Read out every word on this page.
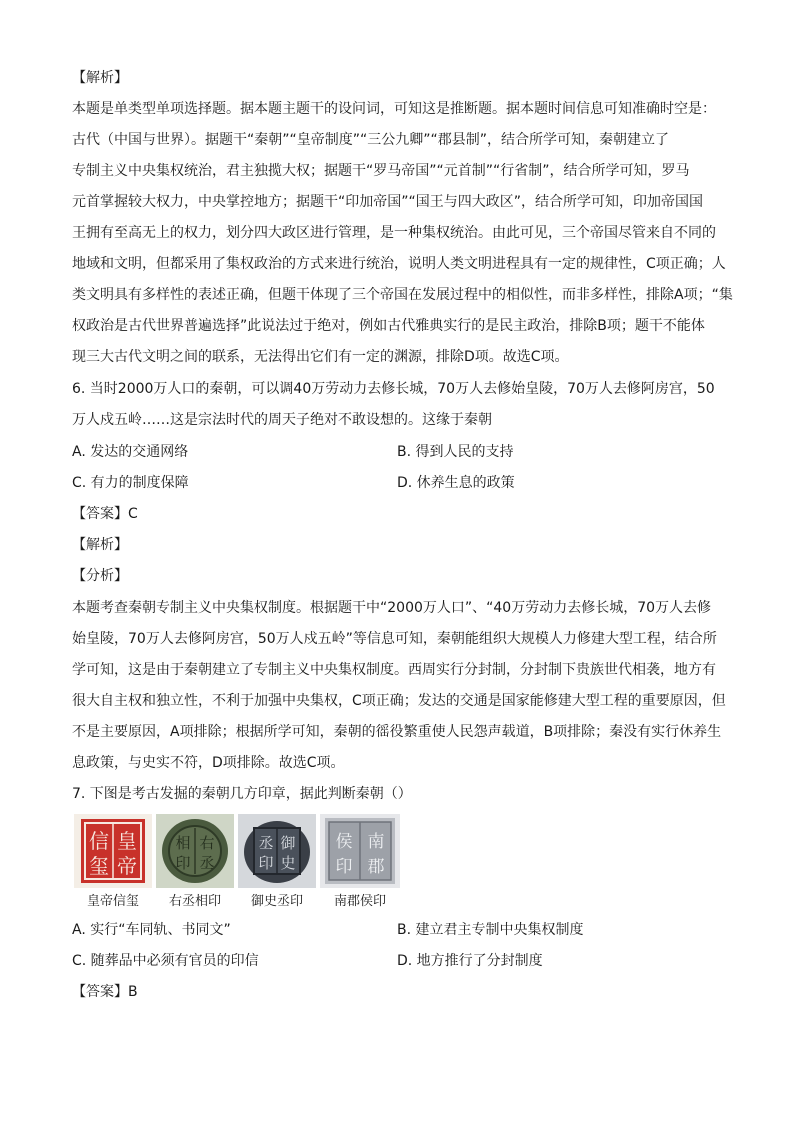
【解析】
本题是单类型单项选择题。据本题主题干的设问词，可知这是推断题。据本题时间信息可知准确时空是：
古代（中国与世界）。据题干“秦朝”“皇帝制度”“三公九卿”“郡县制”，结合所学可知，秦朝建立了
专制主义中央集权统治，君主独揽大权；据题干“罗马帝国”“元首制”“行省制”，结合所学可知，罗马
元首掌握较大权力，中央掌控地方；据题干“印加帝国”“国王与四大政区”，结合所学可知，印加帝国国
王拥有至高无上的权力，划分四大政区进行管理，是一种集权统治。由此可见，三个帝国尽管来自不同的
地域和文明，但都采用了集权政治的方式来进行统治，说明人类文明进程具有一定的规律性，C项正确；人
类文明具有多样性的表述正确，但题干体现了三个帝国在发展过程中的相似性，而非多样性，排除A项；“集
权政治是古代世界普遍选择”此说法过于绝对，例如古代雅典实行的是民主政治，排除B项；题干不能体
现三大古代文明之间的联系，无法得出它们有一定的渊源，排除D项。故选C项。
6. 当时2000万人口的秦朝，可以调40万劳动力去修长城，70万人去修始皇陵，70万人去修阿房宫，50
万人戍五岭……这是宗法时代的周天子绝对不敢设想的。这缘于秦朝
A. 发达的交通网络	B. 得到人民的支持
C. 有力的制度保障	D. 休养生息的政策
【答案】C
【解析】
【分析】
本题考查秦朝专制主义中央集权制度。根据题干中“2000万人口”、“40万劳动力去修长城，70万人去修
始皇陵，70万人去修阿房宫，50万人戍五岭”等信息可知，秦朝能组织大规模人力修建大型工程，结合所
学可知，这是由于秦朝建立了专制主义中央集权制度。西周实行分封制，分封制下贵族世代相袭，地方有
很大自主权和独立性，不利于加强中央集权，C项正确；发达的交通是国家能修建大型工程的重要原因，但
不是主要原因，A项排除；根据所学可知，秦朝的徭役繁重使人民怨声载道，B项排除；秦没有实行休养生
息政策，与史实不符，D项排除。故选C项。
7. 下图是考古发掘的秦朝几方印章，据此判断秦朝（）
皇
帝
信
玺
右
丞
相
印
御
史
丞
印
南
郡
侯
印
皇帝信玺	右丞相印	御史丞印	南郡侯印
A. 实行“车同轨、书同文”	B. 建立君主专制中央集权制度
C. 随葬品中必须有官员的印信	D. 地方推行了分封制度
【答案】B
